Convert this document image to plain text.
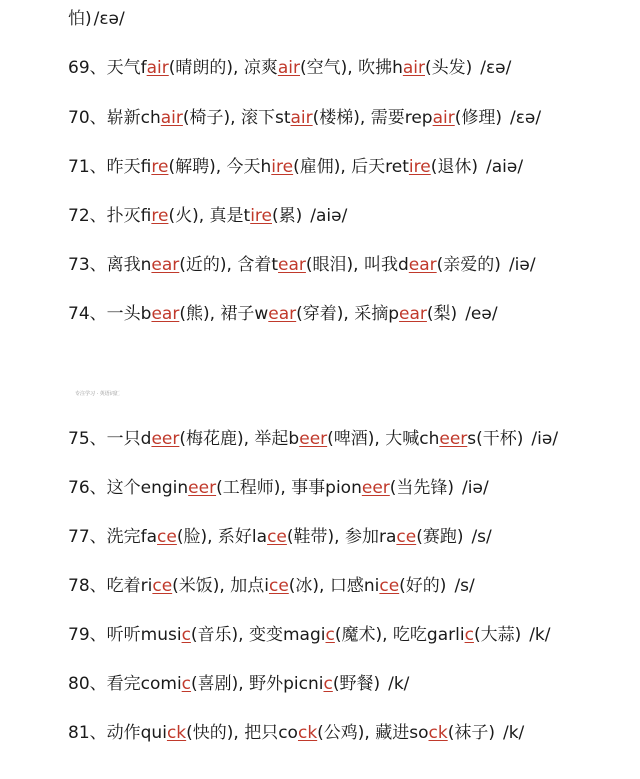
怕) /ɛə/
专注学习 · 英语词汇
69、天气fair(晴朗的), 凉爽air(空气), 吹拂hair(头发) /ɛə/
70、崭新chair(椅子), 滚下stair(楼梯), 需要repair(修理) /ɛə/
71、昨天fire(解聘), 今天hire(雇佣), 后天retire(退休) /aiə/
72、扑灭fire(火), 真是tire(累) /aiə/
73、离我near(近的), 含着tear(眼泪), 叫我dear(亲爱的) /iə/
74、一头bear(熊), 裙子wear(穿着), 采摘pear(梨) /eə/
75、一只deer(梅花鹿), 举起beer(啤酒), 大喊cheers(干杯) /iə/
76、这个engineer(工程师), 事事pioneer(当先锋) /iə/
77、洗完face(脸), 系好lace(鞋带), 参加race(赛跑) /s/
78、吃着rice(米饭), 加点ice(冰), 口感nice(好的) /s/
79、听听music(音乐), 变变magic(魔术), 吃吃garlic(大蒜) /k/
80、看完comic(喜剧), 野外picnic(野餐) /k/
81、动作quick(快的), 把只cock(公鸡), 藏进sock(袜子) /k/
